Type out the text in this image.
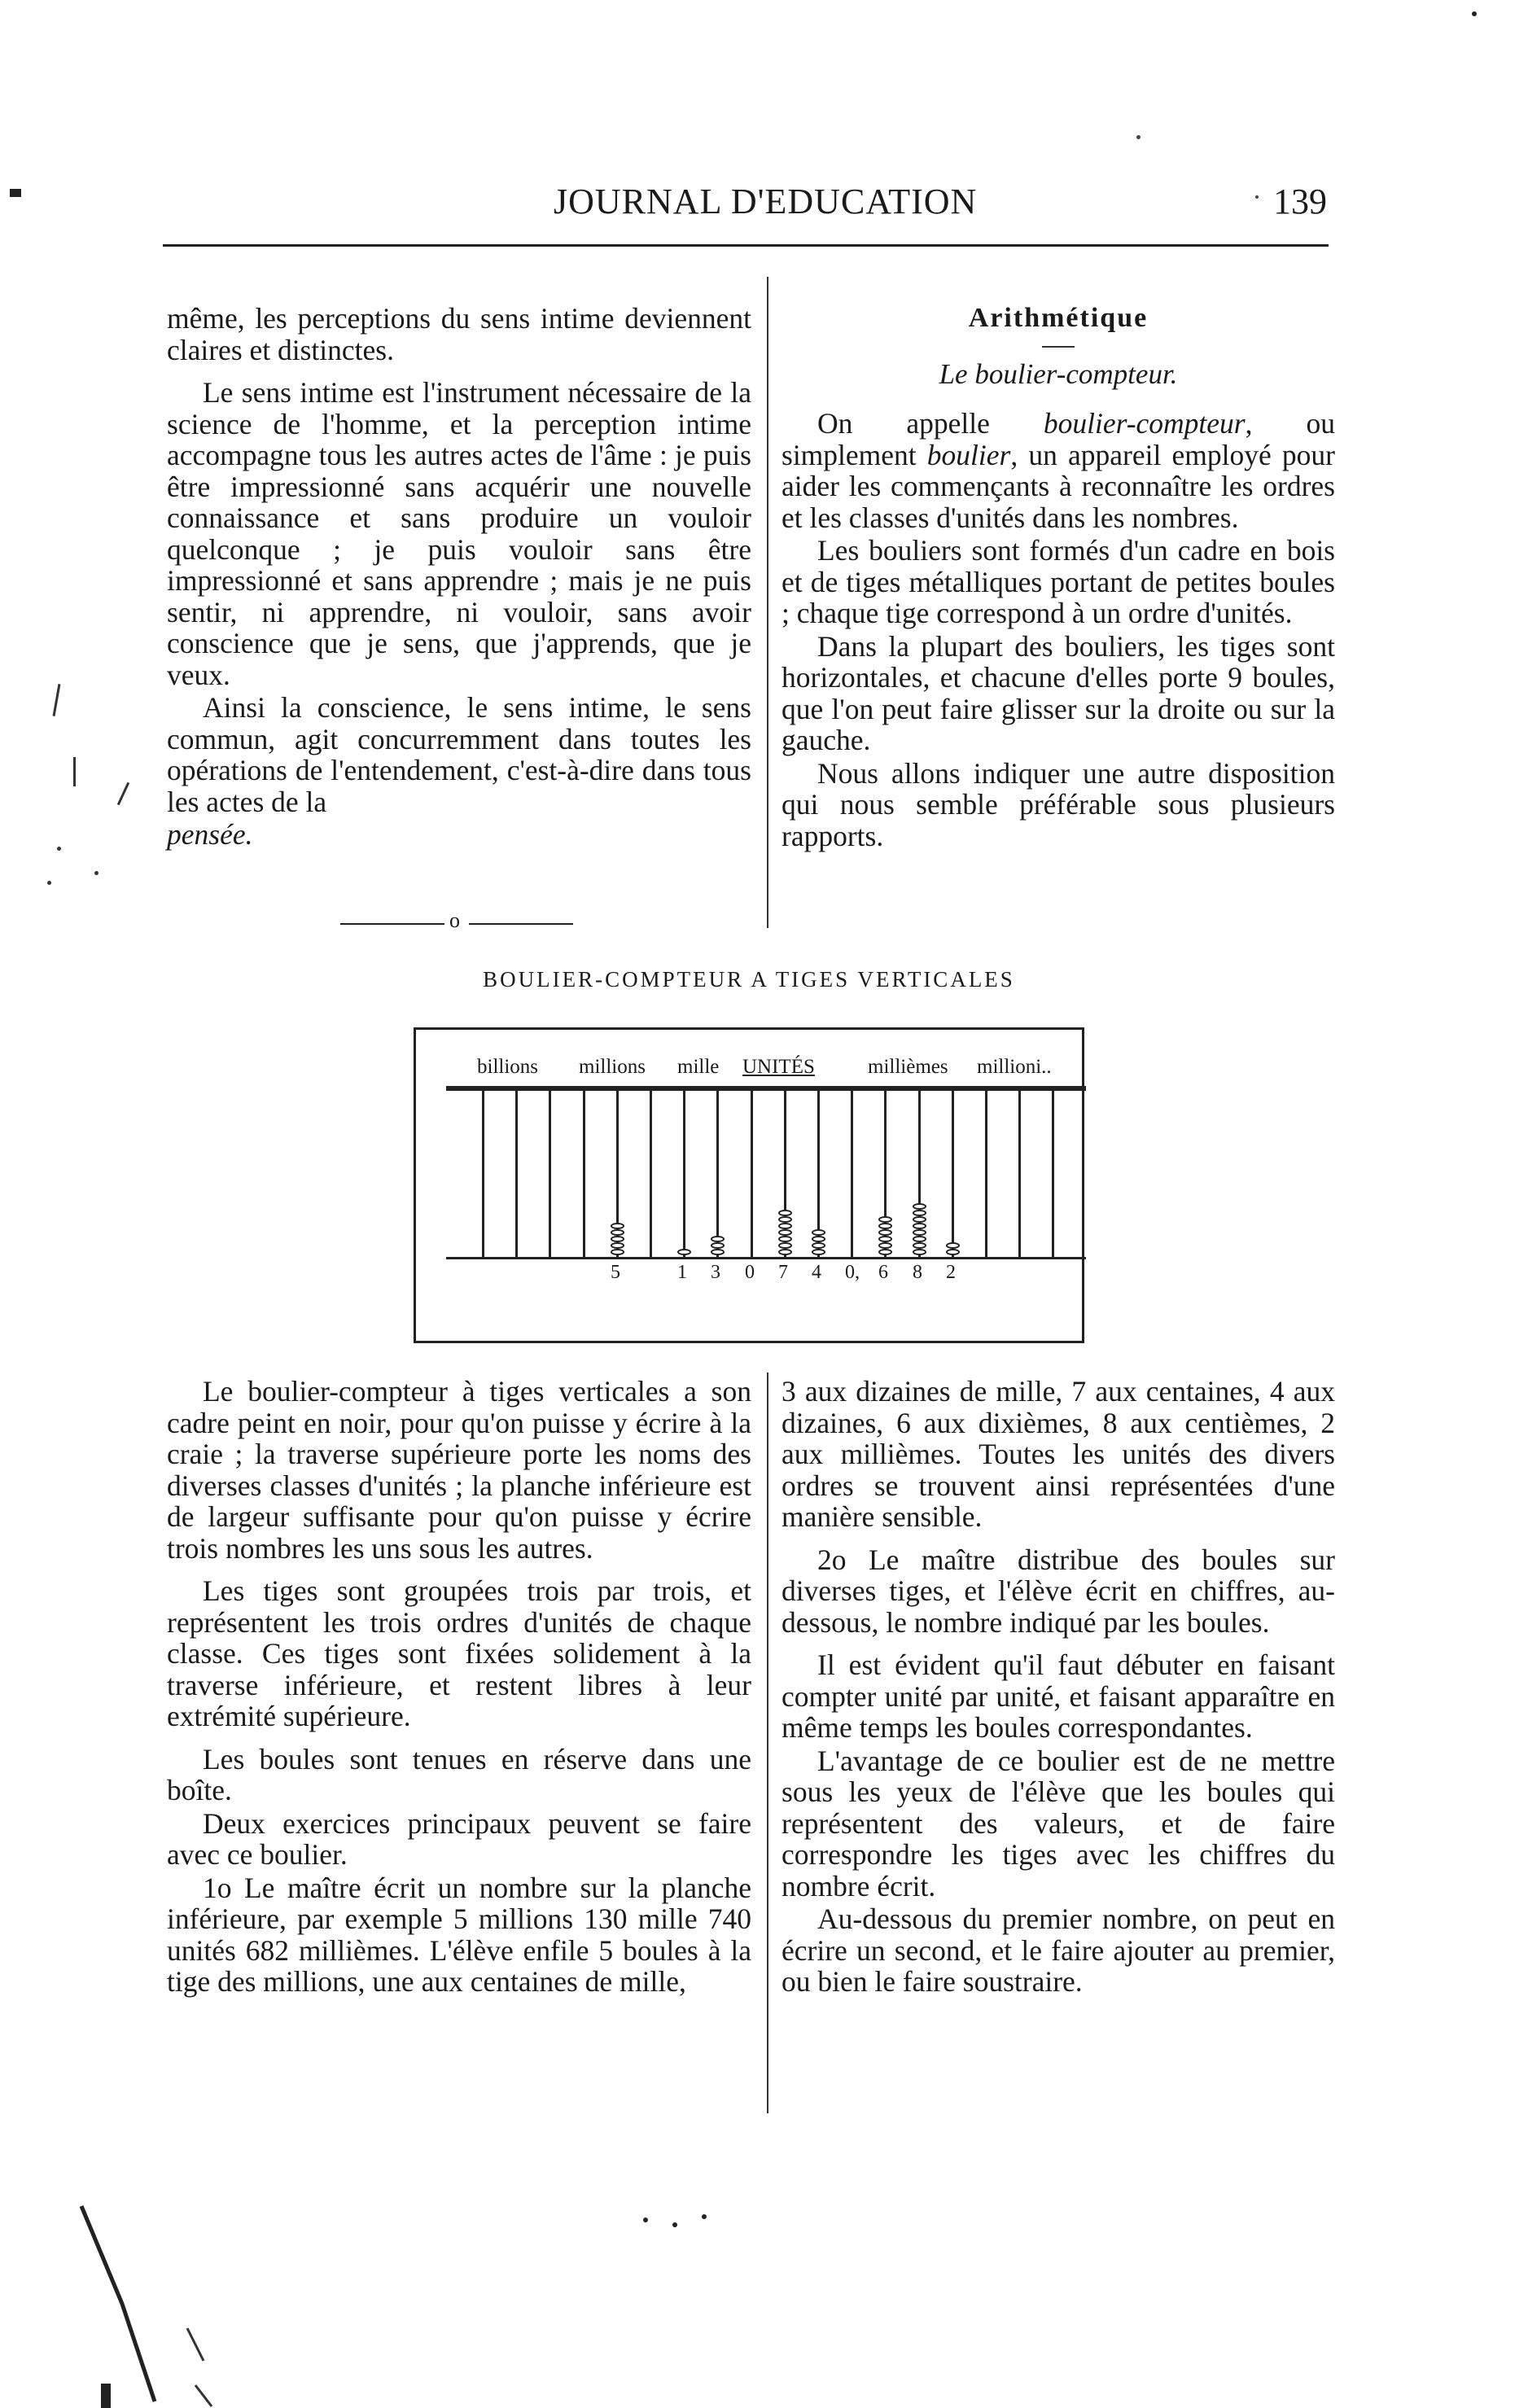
JOURNAL D'EDUCATION	139

même, les perceptions du sens intime deviennent claires et distinctes.

Le sens intime est l'instrument nécessaire de la science de l'homme, et la perception intime accompagne tous les autres actes de l'âme : je puis être impressionné sans acquérir une nouvelle connaissance et sans produire un vouloir quelconque ; je puis vouloir sans être impressionné et sans apprendre ; mais je ne puis sentir, ni apprendre, ni vouloir, sans avoir conscience que je sens, que j'apprends, que je veux.

Ainsi la conscience, le sens intime, le sens commun, agit concurremment dans toutes les opérations de l'entendement, c'est-à-dire dans tous les actes de la

pensée.

o

Arithmétique

Le boulier-compteur.

On appelle boulier-compteur, ou simplement boulier, un appareil employé pour aider les commençants à reconnaître les ordres et les classes d'unités dans les nombres.

Les bouliers sont formés d'un cadre en bois et de tiges métalliques portant de petites boules ; chaque tige correspond à un ordre d'unités.

Dans la plupart des bouliers, les tiges sont horizontales, et chacune d'elles porte 9 boules, que l'on peut faire glisser sur la droite ou sur la gauche.

Nous allons indiquer une autre disposition qui nous semble préférable sous plusieurs rapports.

BOULIER-COMPTEUR A TIGES VERTICALES
billions millions mille UNITÉS	millièmes millioni..
5	1 3 0 7 4 0, 6 8 2

Le boulier-compteur à tiges verticales a son cadre peint en noir, pour qu'on puisse y écrire à la craie ; la traverse supérieure porte les noms des diverses classes d'unités ; la planche inférieure est de largeur suffisante pour qu'on puisse y écrire trois nombres les uns sous les autres.

Les tiges sont groupées trois par trois, et représentent les trois ordres d'unités de chaque classe. Ces tiges sont fixées solidement à la traverse inférieure, et restent libres à leur extrémité supérieure.

Les boules sont tenues en réserve dans une boîte.

Deux exercices principaux peuvent se faire avec ce boulier.

1o Le maître écrit un nombre sur la planche inférieure, par exemple 5 millions 130 mille 740 unités 682 millièmes. L'élève enfile 5 boules à la tige des millions, une aux centaines de mille,

3 aux dizaines de mille, 7 aux centaines, 4 aux dizaines, 6 aux dixièmes, 8 aux centièmes, 2 aux millièmes. Toutes les unités des divers ordres se trouvent ainsi représentées d'une manière sensible.

2o Le maître distribue des boules sur diverses tiges, et l'élève écrit en chiffres, au-dessous, le nombre indiqué par les boules.

Il est évident qu'il faut débuter en faisant compter unité par unité, et faisant apparaître en même temps les boules correspondantes.

L'avantage de ce boulier est de ne mettre sous les yeux de l'élève que les boules qui représentent des valeurs, et de faire correspondre les tiges avec les chiffres du nombre écrit.

Au-dessous du premier nombre, on peut en écrire un second, et le faire ajouter au premier, ou bien le faire soustraire.
